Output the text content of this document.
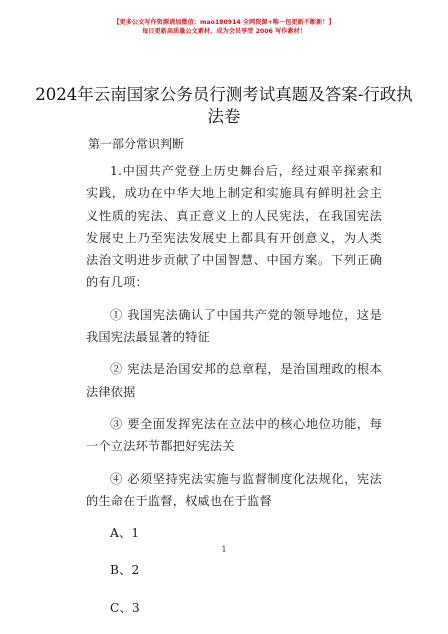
【更多公文写作资源请加微信：mao180914 全网资源+唯一包更新不断新！】
每日更新高质量公文素材，成为会员享受 2006 写作素材！
2024年云南国家公务员行测考试真题及答案-行政执法卷
第一部分常识判断

1.中国共产党登上历史舞台后，经过艰辛探索和实践，成功在中华大地上制定和实施具有鲜明社会主义性质的宪法、真正意义上的人民宪法，在我国宪法发展史上乃至宪法发展史上都具有开创意义，为人类法治文明进步贡献了中国智慧、中国方案。下列正确的有几项：

① 我国宪法确认了中国共产党的领导地位，这是我国宪法最显著的特征

② 宪法是治国安邦的总章程，是治国理政的根本法律依据

③ 要全面发挥宪法在立法中的核心地位功能，每一个立法环节都把好宪法关

④ 必须坚持宪法实施与监督制度化法规化，宪法的生命在于监督，权威也在于监督

A、1

B、2

C、3

1
